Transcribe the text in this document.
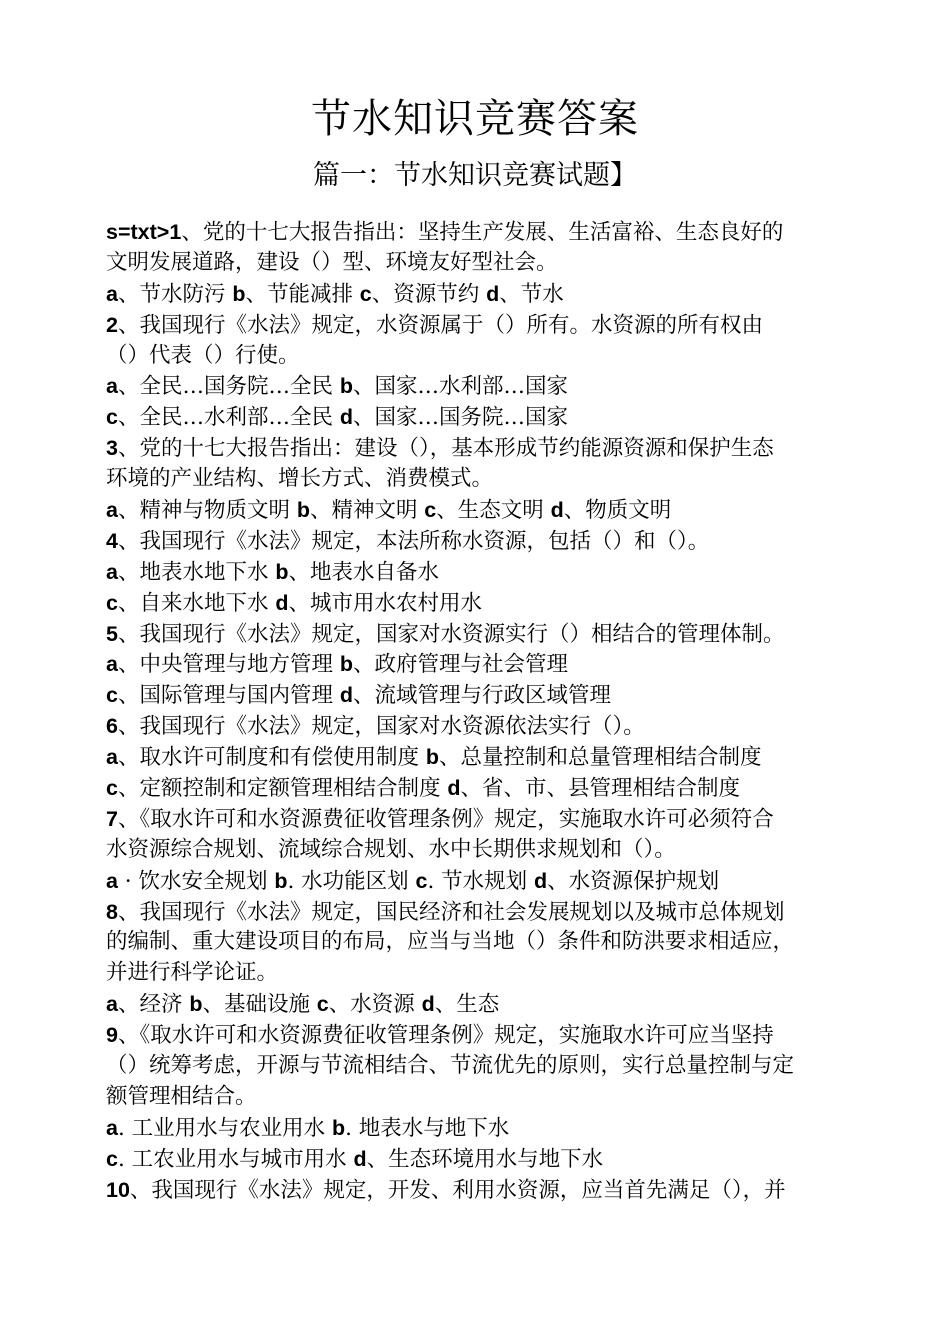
节水知识竞赛答案
篇一：节水知识竞赛试题】
s=txt>1、党的十七大报告指出：坚持生产发展、生活富裕、生态良好的
文明发展道路，建设（）型、环境友好型社会。
a、节水防污 b、节能减排 c、资源节约 d、节水
2、我国现行《水法》规定，水资源属于（）所有。水资源的所有权由
（）代表（）行使。
a、全民…国务院…全民 b、国家…水利部…国家
c、全民…水利部…全民 d、国家…国务院…国家
3、党的十七大报告指出：建设（），基本形成节约能源资源和保护生态
环境的产业结构、增长方式、消费模式。
a、精神与物质文明 b、精神文明 c、生态文明 d、物质文明
4、我国现行《水法》规定，本法所称水资源，包括（）和（）。
a、地表水地下水 b、地表水自备水
c、自来水地下水 d、城市用水农村用水
5、我国现行《水法》规定，国家对水资源实行（）相结合的管理体制。
a、中央管理与地方管理 b、政府管理与社会管理
c、国际管理与国内管理 d、流域管理与行政区域管理
6、我国现行《水法》规定，国家对水资源依法实行（）。
a、取水许可制度和有偿使用制度 b、总量控制和总量管理相结合制度
c、定额控制和定额管理相结合制度 d、省、市、县管理相结合制度
7、《取水许可和水资源费征收管理条例》规定，实施取水许可必须符合
水资源综合规划、流域综合规划、水中长期供求规划和（）。
a · 饮水安全规划 b. 水功能区划 c. 节水规划 d、水资源保护规划
8、我国现行《水法》规定，国民经济和社会发展规划以及城市总体规划
的编制、重大建设项目的布局，应当与当地（）条件和防洪要求相适应，
并进行科学论证。
a、经济 b、基础设施 c、水资源 d、生态
9、《取水许可和水资源费征收管理条例》规定，实施取水许可应当坚持
（）统筹考虑，开源与节流相结合、节流优先的原则，实行总量控制与定
额管理相结合。
a. 工业用水与农业用水 b. 地表水与地下水
c. 工农业用水与城市用水 d、生态环境用水与地下水
10、我国现行《水法》规定，开发、利用水资源，应当首先满足（），并
